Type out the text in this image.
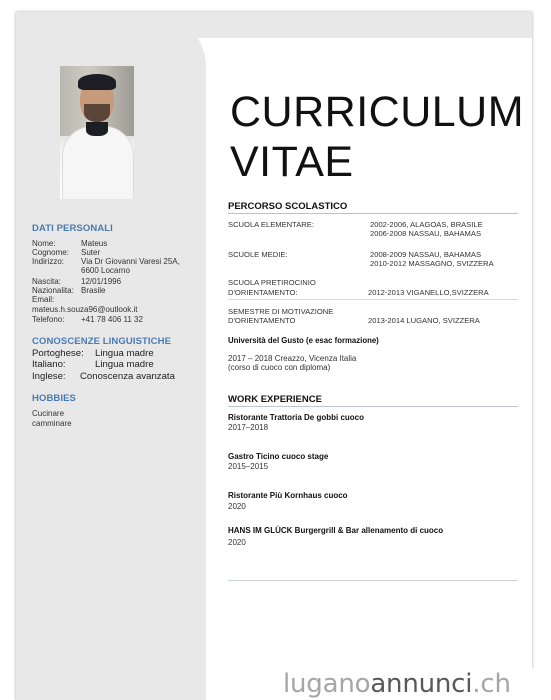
DATI PERSONALI
Nome:	Mateus
Cognome: Suter
Indirizzo: Via Dr Giovanni Varesi 25A,
6600 Locarno
Nascita:	12/01/1996
Nazionalita: Brasile
Email:
mateus.h.souza96@outlook.it
Telefono: +41 78 406 11 32
CONOSCENZE LINGUISTICHE
Portoghese: Lingua madre
Italiano:	Lingua madre
Inglese: Conoscenza avanzata
HOBBIES
Cucinare
camminare
CURRICULUM
VITAE
PERCORSO SCOLASTICO
SCUOLA ELEMENTARE:	2002-2006, ALAGOAS, BRASILE
2006-2008 NASSAU, BAHAMAS
SCUOLE MEDIE:	2008-2009 NASSAU, BAHAMAS
2010-2012 MASSAGNO, SVIZZERA
SCUOLA PRETIROCINIO
D'ORIENTAMENTO:	2012-2013 VIGANELLO,SVIZZERA
SEMESTRE DI MOTIVAZIONE
D'ORIENTAMENTO	2013-2014 LUGANO, SVIZZERA
Università del Gusto (e esac formazione)
2017 – 2018 Creazzo, Vicenza Italia
(corso di cuoco con diploma)
WORK EXPERIENCE
Ristorante Trattoria De gobbi cuoco
2017–2018
Gastro Ticino cuoco stage
2015–2015
Ristorante Più Kornhaus cuoco
2020
HANS IM GLÜCK Burgergrill & Bar allenamento di cuoco
2020
luganoannunci.ch
